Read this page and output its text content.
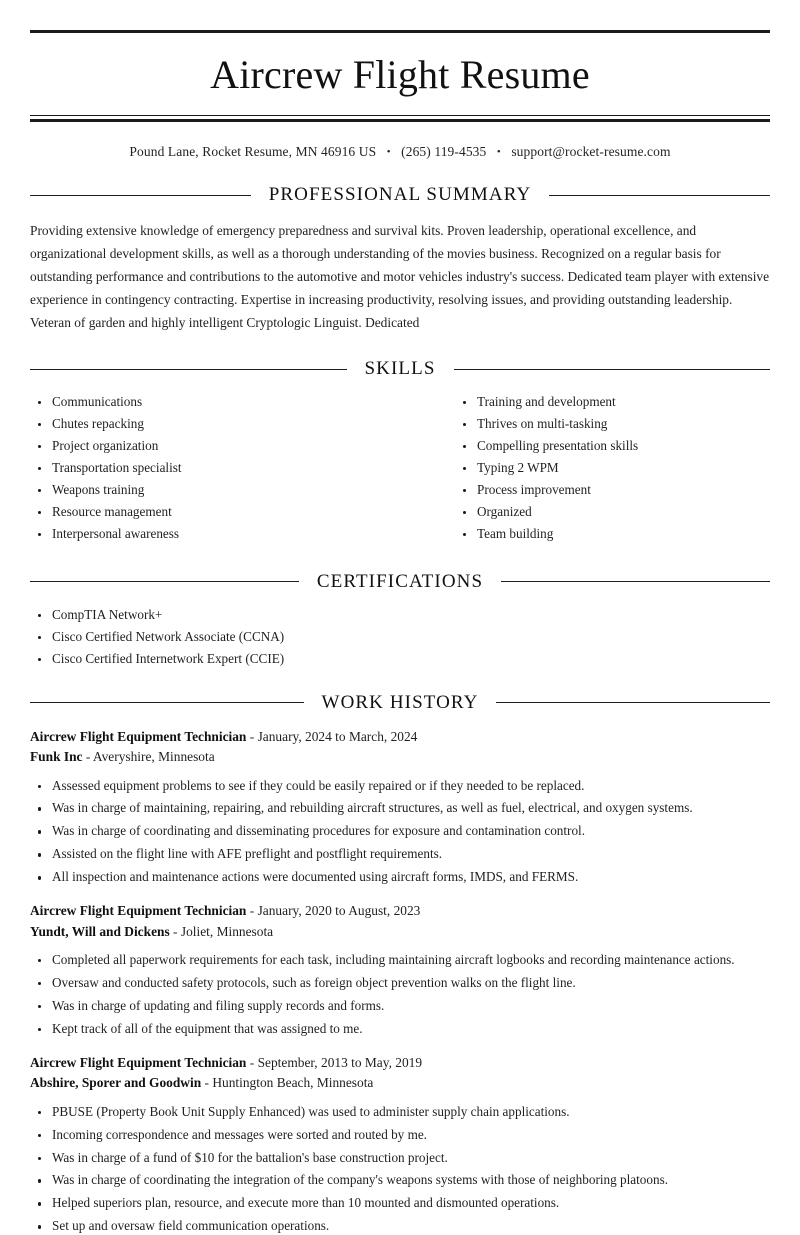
Aircrew Flight Resume
Pound Lane, Rocket Resume, MN 46916 US • (265) 119-4535 • support@rocket-resume.com
PROFESSIONAL SUMMARY

Providing extensive knowledge of emergency preparedness and survival kits. Proven leadership, operational excellence, and organizational development skills, as well as a thorough understanding of the movies business. Recognized on a regular basis for outstanding performance and contributions to the automotive and motor vehicles industry's success. Dedicated team player with extensive experience in contingency contracting. Expertise in increasing productivity, resolving issues, and providing outstanding leadership. Veteran of garden and highly intelligent Cryptologic Linguist. Dedicated

SKILLS
Communications
Chutes repacking
Project organization
Transportation specialist
Weapons training
Resource management
Interpersonal awareness
Training and development
Thrives on multi-tasking
Compelling presentation skills
Typing 2 WPM
Process improvement
Organized
Team building
CERTIFICATIONS
CompTIA Network+
Cisco Certified Network Associate (CCNA)
Cisco Certified Internetwork Expert (CCIE)
WORK HISTORY
Aircrew Flight Equipment Technician - January, 2024 to March, 2024
Funk Inc - Averyshire, Minnesota
Assessed equipment problems to see if they could be easily repaired or if they needed to be replaced.
Was in charge of maintaining, repairing, and rebuilding aircraft structures, as well as fuel, electrical, and oxygen systems.
Was in charge of coordinating and disseminating procedures for exposure and contamination control.
Assisted on the flight line with AFE preflight and postflight requirements.
All inspection and maintenance actions were documented using aircraft forms, IMDS, and FERMS.
Aircrew Flight Equipment Technician - January, 2020 to August, 2023
Yundt, Will and Dickens - Joliet, Minnesota
Completed all paperwork requirements for each task, including maintaining aircraft logbooks and recording maintenance actions.
Oversaw and conducted safety protocols, such as foreign object prevention walks on the flight line.
Was in charge of updating and filing supply records and forms.
Kept track of all of the equipment that was assigned to me.
Aircrew Flight Equipment Technician - September, 2013 to May, 2019
Abshire, Sporer and Goodwin - Huntington Beach, Minnesota
PBUSE (Property Book Unit Supply Enhanced) was used to administer supply chain applications.
Incoming correspondence and messages were sorted and routed by me.
Was in charge of a fund of $10 for the battalion's base construction project.
Was in charge of coordinating the integration of the company's weapons systems with those of neighboring platoons.
Helped superiors plan, resource, and execute more than 10 mounted and dismounted operations.
Set up and oversaw field communication operations.
